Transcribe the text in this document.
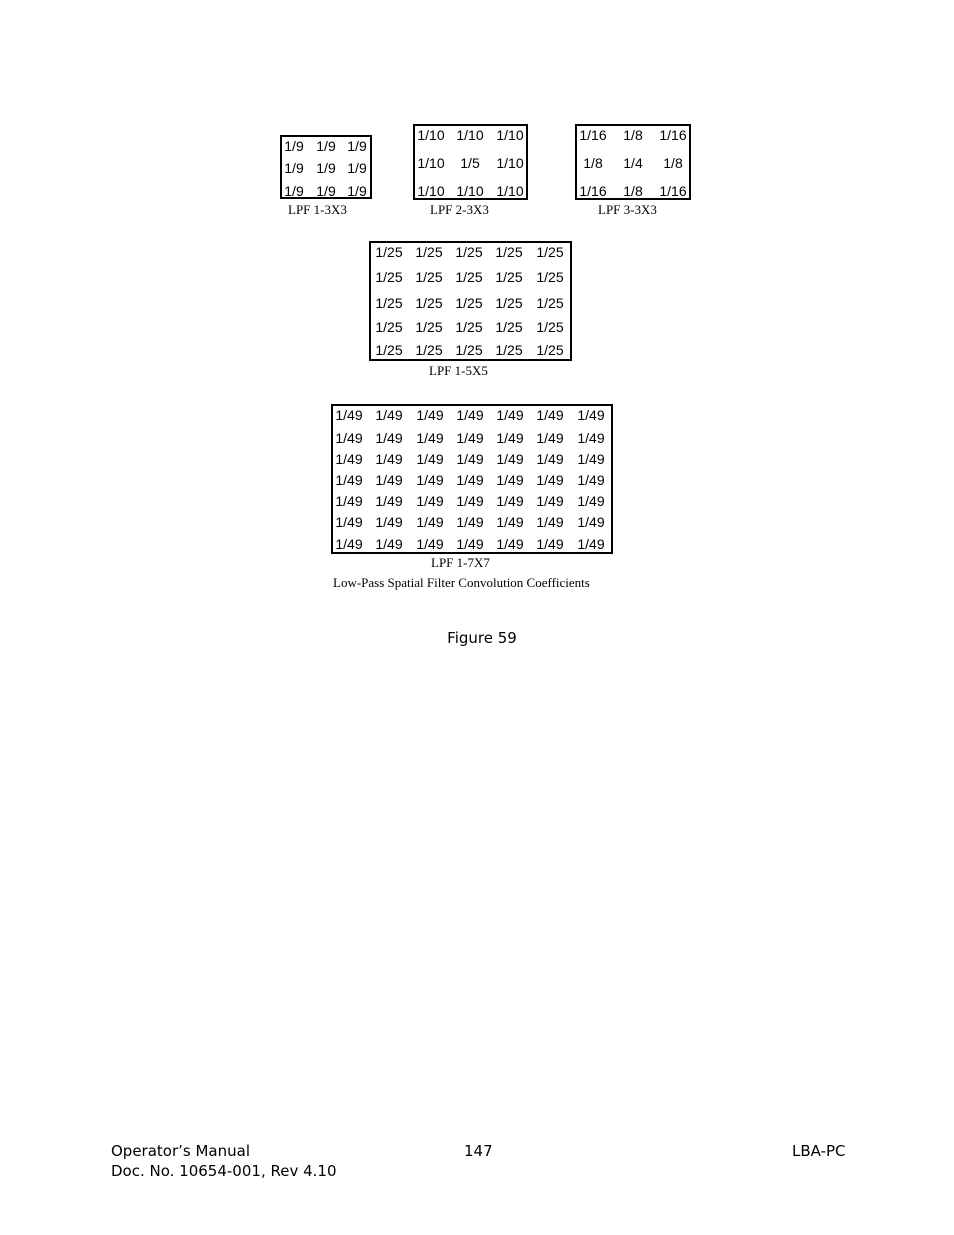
1/9 1/9 1/9
1/9 1/9 1/9
1/9 1/9 1/9
LPF 1-3X3
1/10 1/10 1/10
1/10	1/5	1/10
1/10 1/10 1/10
LPF 2-3X3
1/16	1/8	1/16
1/8	1/4	1/8
1/16	1/8	1/16
LPF 3-3X3
1/25 1/25 1/25 1/25 1/25
1/25 1/25 1/25 1/25 1/25
1/25 1/25 1/25 1/25 1/25
1/25 1/25 1/25 1/25 1/25
1/25 1/25 1/25 1/25 1/25
LPF 1-5X5
1/49 1/49 1/49 1/49 1/49 1/49 1/49
1/49 1/49 1/49 1/49 1/49 1/49 1/49
1/49 1/49 1/49 1/49 1/49 1/49 1/49
1/49 1/49 1/49 1/49 1/49 1/49 1/49
1/49 1/49 1/49 1/49 1/49 1/49 1/49
1/49 1/49 1/49 1/49 1/49 1/49 1/49
1/49 1/49 1/49 1/49 1/49 1/49 1/49
LPF 1-7X7
Low-Pass Spatial Filter Convolution Coefficients
Figure 59
Operator’s Manual
Doc. No. 10654-001, Rev 4.10
147	LBA-PC
